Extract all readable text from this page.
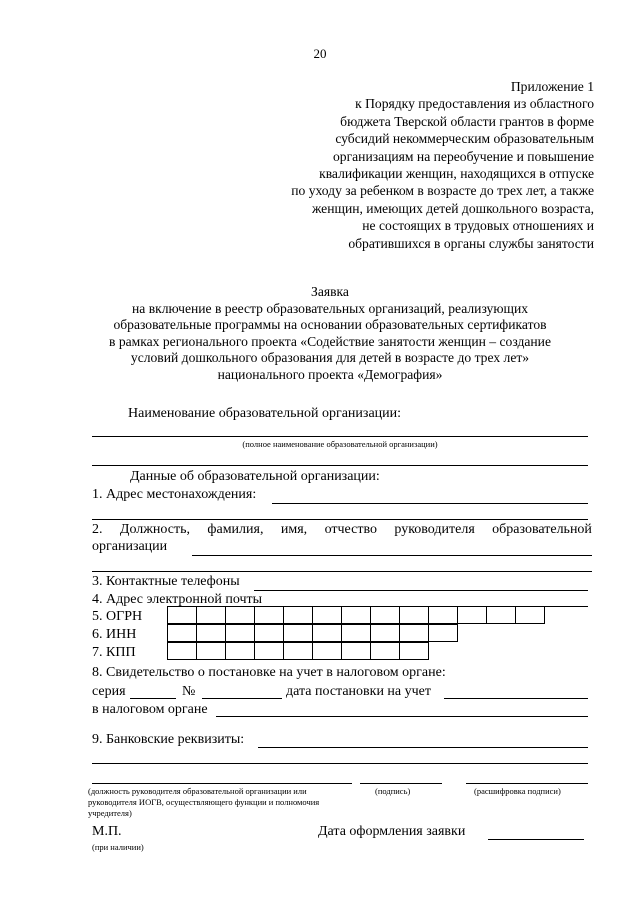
20
Приложение 1
к Порядку предоставления из областного
бюджета Тверской области грантов в форме
субсидий некоммерческим образовательным
организациям на переобучение и повышение
квалификации женщин, находящихся в отпуске
по уходу за ребенком в возрасте до трех лет, а также
женщин, имеющих детей дошкольного возраста,
не состоящих в трудовых отношениях и
обратившихся в органы службы занятости
Заявка
на включение в реестр образовательных организаций, реализующих
образовательные программы на основании образовательных сертификатов
в рамках регионального проекта «Содействие занятости женщин – создание
условий дошкольного образования для детей в возрасте до трех лет»
национального проекта «Демография»
Наименование образовательной организации:
(полное наименование образовательной организации)
Данные об образовательной организации:
1. Адрес местонахождения:
2. Должность, фамилия, имя, отчество руководителя образовательной
организации
3. Контактные телефоны
4. Адрес электронной почты
5. ОГРН

6. ИНН

7. КПП

8. Свидетельство о постановке на учет в налоговом органе:
серия	№	дата постановки на учет
в налоговом органе
9. Банковские реквизиты:
(должность руководителя образовательной организации или руководителя ИОГВ, осуществляющего функции и полномочия учредителя)
(подпись)	(расшифровка подписи)
М.П.
(при наличии)
Дата оформления заявки
